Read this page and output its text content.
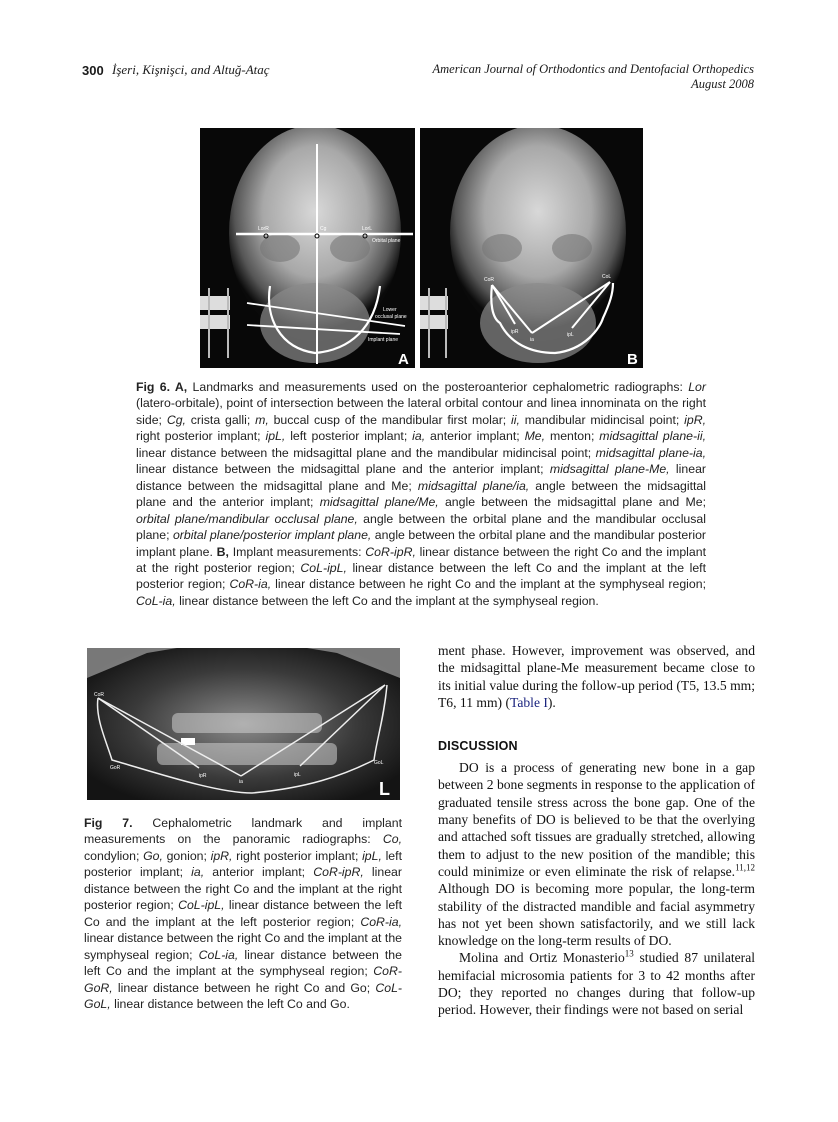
300 İşeri, Kişnişci, and Altuğ-Ataç	American Journal of Orthodontics and Dentofacial Orthopedics
August 2008
LorR	Cg	LorL
Orbital plane
Lower
occlusal plane
Implant plane
A
CoR	CoL
ipR
ia
ipL
B
Fig 6. A, Landmarks and measurements used on the posteroanterior cephalometric radiographs: Lor (latero-orbitale), point of intersection between the lateral orbital contour and linea innominata on the right side; Cg, crista galli; m, buccal cusp of the mandibular first molar; ii, mandibular midincisal point; ipR, right posterior implant; ipL, left posterior implant; ia, anterior implant; Me, menton; midsagittal plane-ii, linear distance between the midsagittal plane and the mandibular midincisal point; midsagittal plane-ia, linear distance between the midsagittal plane and the anterior implant; midsagittal plane-Me, linear distance between the midsagittal plane and Me; midsagittal plane/ia, angle between the midsagittal plane and the anterior implant; midsagittal plane/Me, angle between the midsagittal plane and Me; orbital plane/mandibular occlusal plane, angle between the orbital plane and the mandibular occlusal plane; orbital plane/posterior implant plane, angle between the orbital plane and the mandibular posterior implant plane. B, Implant measurements: CoR-ipR, linear distance between the right Co and the implant at the right posterior region; CoL-ipL, linear distance between the left Co and the implant at the left posterior region; CoR-ia, linear distance between he right Co and the implant at the symphyseal region; CoL-ia, linear distance between the left Co and the implant at the symphyseal region.
CoR
GoR
ipR
ia
ipL
GoL
L
Fig 7. Cephalometric landmark and implant measurements on the panoramic radiographs: Co, condylion; Go, gonion; ipR, right posterior implant; ipL, left posterior implant; ia, anterior implant; CoR-ipR, linear distance between the right Co and the implant at the right posterior region; CoL-ipL, linear distance between the left Co and the implant at the left posterior region; CoR-ia, linear distance between the right Co and the implant at the symphyseal region; CoL-ia, linear distance between the left Co and the implant at the symphyseal region; CoR-GoR, linear distance between he right Co and Go; CoL-GoL, linear distance between the left Co and Go.

ment phase. However, improvement was observed, and the midsagittal plane-Me measurement became close to its initial value during the follow-up period (T5, 13.5 mm; T6, 11 mm) (Table I).

DISCUSSION

DO is a process of generating new bone in a gap between 2 bone segments in response to the application of graduated tensile stress across the bone gap. One of the many benefits of DO is believed to be that the overlying and attached soft tissues are gradually stretched, allowing them to adjust to the new position of the mandible; this could minimize or even eliminate the risk of relapse.$^{11,12}$ Although DO is becoming more popular, the long-term stability of the distracted mandible and facial asymmetry has not yet been shown satisfactorily, and we still lack knowledge on the long-term results of DO.

Molina and Ortiz Monasterio$^{13}$ studied 87 unilateral hemifacial microsomia patients for 3 to 42 months after DO; they reported no changes during that follow-up period. However, their findings were not based on serial
